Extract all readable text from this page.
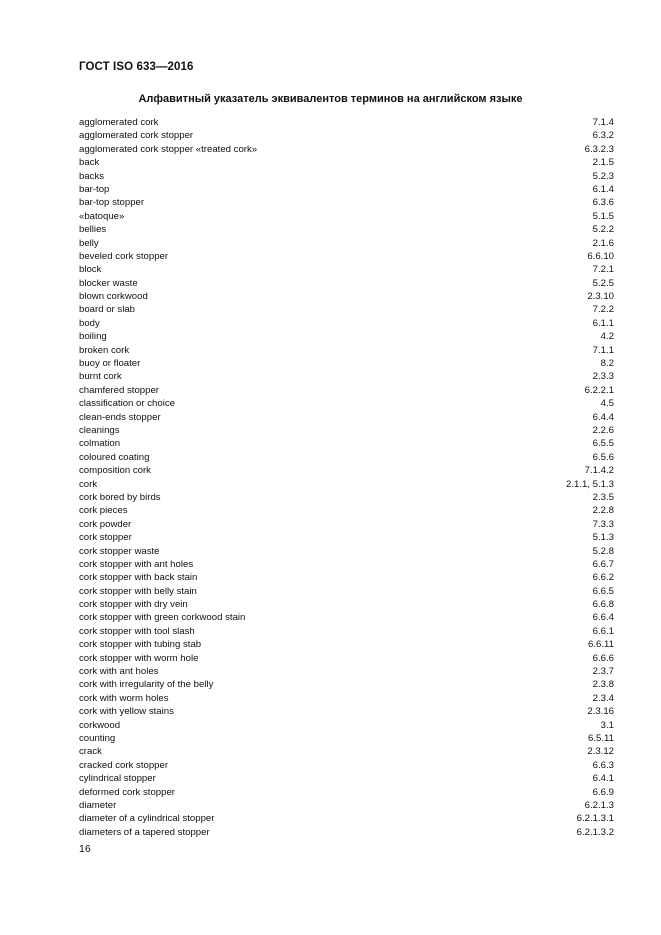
ГОСТ ISO 633—2016
Алфавитный указатель эквивалентов терминов на английском языке
agglomerated cork	7.1.4
agglomerated cork stopper	6.3.2
agglomerated cork stopper «treated cork»	6.3.2.3
back	2.1.5
backs	5.2.3
bar-top	6.1.4
bar-top stopper	6.3.6
«batoque»	5.1.5
bellies	5.2.2
belly	2.1.6
beveled cork stopper	6.6.10
block	7.2.1
blocker waste	5.2.5
blown corkwood	2.3.10
board or slab	7.2.2
body	6.1.1
boiling	4.2
broken cork	7.1.1
buoy or floater	8.2
burnt cork	2.3.3
chamfered stopper	6.2.2.1
classification or choice	4.5
clean-ends stopper	6.4.4
cleanings	2.2.6
colmation	6.5.5
coloured coating	6.5.6
composition cork	7.1.4.2
cork	2.1.1, 5.1.3
cork bored by birds	2.3.5
cork pieces	2.2.8
cork powder	7.3.3
cork stopper	5.1.3
cork stopper waste	5.2.8
cork stopper with ant holes	6.6.7
cork stopper with back stain	6.6.2
cork stopper with belly stain	6.6.5
cork stopper with dry vein	6.6.8
cork stopper with green corkwood stain	6.6.4
cork stopper with tool slash	6.6.1
cork stopper with tubing stab	6.6.11
cork stopper with worm hole	6.6.6
cork with ant holes	2.3.7
cork with irregularity of the belly	2.3.8
cork with worm holes	2.3.4
cork with yellow stains	2.3.16
corkwood	3.1
counting	6.5.11
crack	2.3.12
cracked cork stopper	6.6.3
cylindrical stopper	6.4.1
deformed cork stopper	6.6.9
diameter	6.2.1.3
diameter of a cylindrical stopper	6.2.1.3.1
diameters of a tapered stopper	6.2.1.3.2
16
